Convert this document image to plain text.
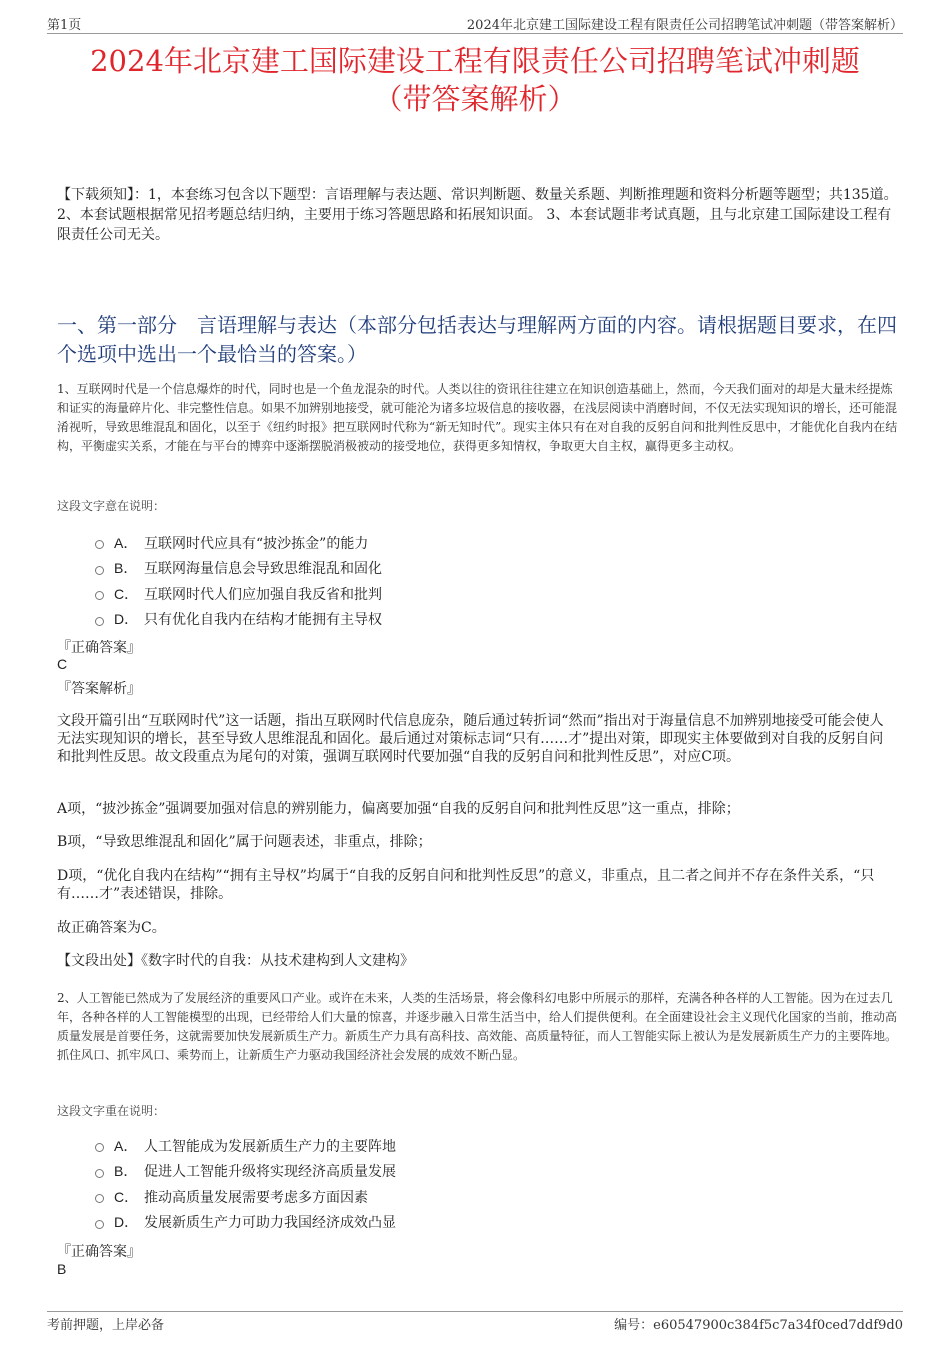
第1页	2024年北京建工国际建设工程有限责任公司招聘笔试冲刺题（带答案解析）
2024年北京建工国际建设工程有限责任公司招聘笔试冲刺题
（带答案解析）
【下载须知】：1，本套练习包含以下题型：言语理解与表达题、常识判断题、数量关系题、判断推理题和资料分析题等题型；共135道。 2、本套试题根据常见招考题总结归纳，主要用于练习答题思路和拓展知识面。 3、本套试题非考试真题，且与北京建工国际建设工程有限责任公司无关。
一、第一部分　言语理解与表达（本部分包括表达与理解两方面的内容。请根据题目要求，在四个选项中选出一个最恰当的答案。）
1、互联网时代是一个信息爆炸的时代，同时也是一个鱼龙混杂的时代。人类以往的资讯往往建立在知识创造基础上，然而，今天我们面对的却是大量未经提炼和证实的海量碎片化、非完整性信息。如果不加辨别地接受，就可能沦为诸多垃圾信息的接收器，在浅层阅读中消磨时间，不仅无法实现知识的增长，还可能混淆视听，导致思维混乱和固化，以至于《纽约时报》把互联网时代称为“新无知时代”。现实主体只有在对自我的反躬自问和批判性反思中，才能优化自我内在结构，平衡虚实关系，才能在与平台的博弈中逐渐摆脱消极被动的接受地位，获得更多知情权，争取更大自主权，赢得更多主动权。
这段文字意在说明：
A． 互联网时代应具有“披沙拣金”的能力
B． 互联网海量信息会导致思维混乱和固化
C． 互联网时代人们应加强自我反省和批判
D． 只有优化自我内在结构才能拥有主导权
『正确答案』
C
『答案解析』
文段开篇引出“互联网时代”这一话题，指出互联网时代信息庞杂，随后通过转折词“然而”指出对于海量信息不加辨别地接受可能会使人无法实现知识的增长，甚至导致人思维混乱和固化。最后通过对策标志词“只有……才”提出对策，即现实主体要做到对自我的反躬自问和批判性反思。故文段重点为尾句的对策，强调互联网时代要加强“自我的反躬自问和批判性反思”，对应C项。
A项，“披沙拣金”强调要加强对信息的辨别能力，偏离要加强“自我的反躬自问和批判性反思”这一重点，排除；
B项，“导致思维混乱和固化”属于问题表述，非重点，排除；
D项，“优化自我内在结构”“拥有主导权”均属于“自我的反躬自问和批判性反思”的意义，非重点，且二者之间并不存在条件关系，“只有……才”表述错误，排除。
故正确答案为C。
【文段出处】《数字时代的自我：从技术建构到人文建构》
2、人工智能已然成为了发展经济的重要风口产业。或许在未来，人类的生活场景，将会像科幻电影中所展示的那样，充满各种各样的人工智能。因为在过去几年，各种各样的人工智能模型的出现，已经带给人们大量的惊喜，并逐步融入日常生活当中，给人们提供便利。在全面建设社会主义现代化国家的当前，推动高质量发展是首要任务，这就需要加快发展新质生产力。新质生产力具有高科技、高效能、高质量特征，而人工智能实际上被认为是发展新质生产力的主要阵地。抓住风口、抓牢风口、乘势而上，让新质生产力驱动我国经济社会发展的成效不断凸显。
这段文字重在说明：
A． 人工智能成为发展新质生产力的主要阵地
B． 促进人工智能升级将实现经济高质量发展
C． 推动高质量发展需要考虑多方面因素
D． 发展新质生产力可助力我国经济成效凸显
『正确答案』
B
考前押题，上岸必备	编号：e60547900c384f5c7a34f0ced7ddf9d0
